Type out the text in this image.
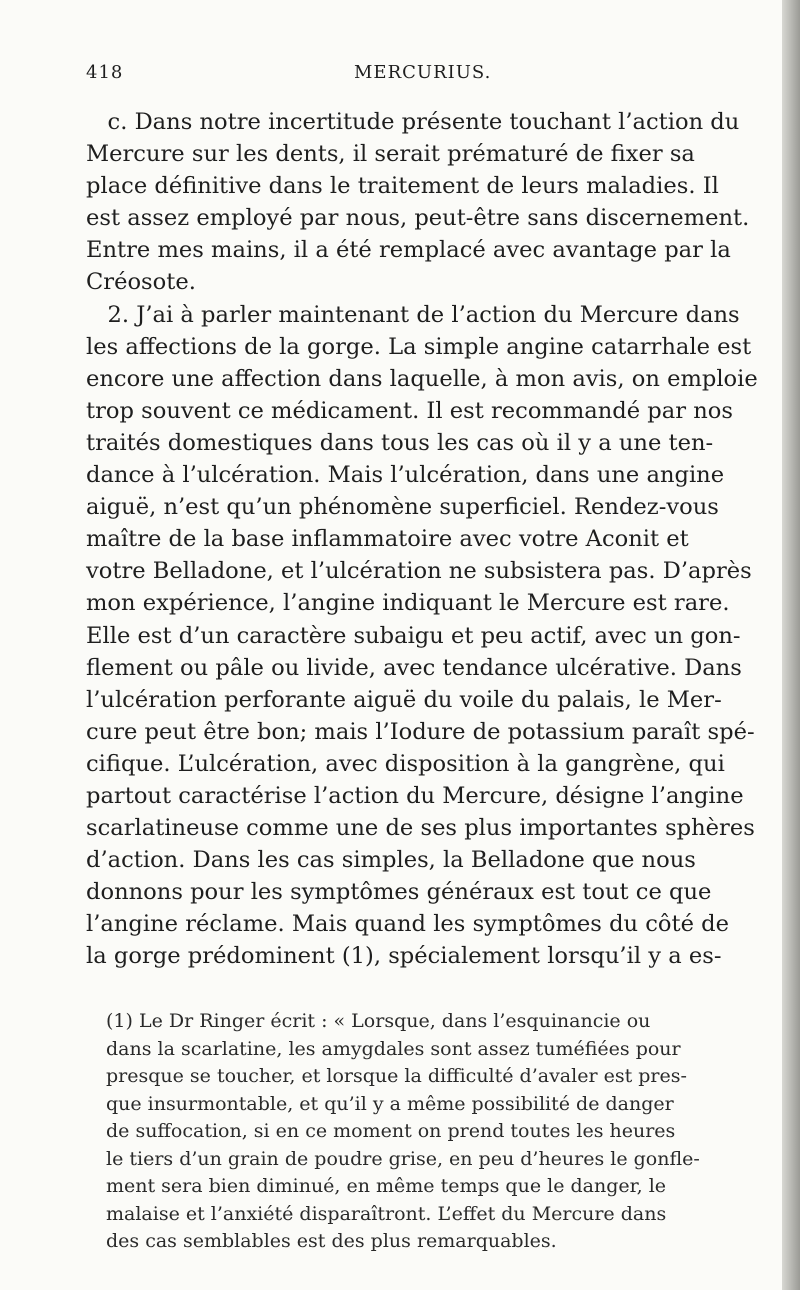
418	MERCURIUS.
c. Dans notre incertitude présente touchant l’action du
Mercure sur les dents, il serait prématuré de fixer sa
place définitive dans le traitement de leurs maladies. Il
est assez employé par nous, peut-être sans discernement.
Entre mes mains, il a été remplacé avec avantage par la
Créosote.
2. J’ai à parler maintenant de l’action du Mercure dans
les affections de la gorge. La simple angine catarrhale est
encore une affection dans laquelle, à mon avis, on emploie
trop souvent ce médicament. Il est recommandé par nos
traités domestiques dans tous les cas où il y a une ten-
dance à l’ulcération. Mais l’ulcération, dans une angine
aiguë, n’est qu’un phénomène superficiel. Rendez-vous
maître de la base inflammatoire avec votre Aconit et
votre Belladone, et l’ulcération ne subsistera pas. D’après
mon expérience, l’angine indiquant le Mercure est rare.
Elle est d’un caractère subaigu et peu actif, avec un gon-
flement ou pâle ou livide, avec tendance ulcérative. Dans
l’ulcération perforante aiguë du voile du palais, le Mer-
cure peut être bon; mais l’Iodure de potassium paraît spé-
cifique. L’ulcération, avec disposition à la gangrène, qui
partout caractérise l’action du Mercure, désigne l’angine
scarlatineuse comme une de ses plus importantes sphères
d’action. Dans les cas simples, la Belladone que nous
donnons pour les symptômes généraux est tout ce que
l’angine réclame. Mais quand les symptômes du côté de
la gorge prédominent (1), spécialement lorsqu’il y a es-
(1) Le Dr Ringer écrit : « Lorsque, dans l’esquinancie ou
dans la scarlatine, les amygdales sont assez tuméfiées pour
presque se toucher, et lorsque la difficulté d’avaler est pres-
que insurmontable, et qu’il y a même possibilité de danger
de suffocation, si en ce moment on prend toutes les heures
le tiers d’un grain de poudre grise, en peu d’heures le gonfle-
ment sera bien diminué, en même temps que le danger, le
malaise et l’anxiété disparaîtront. L’effet du Mercure dans
des cas semblables est des plus remarquables.
